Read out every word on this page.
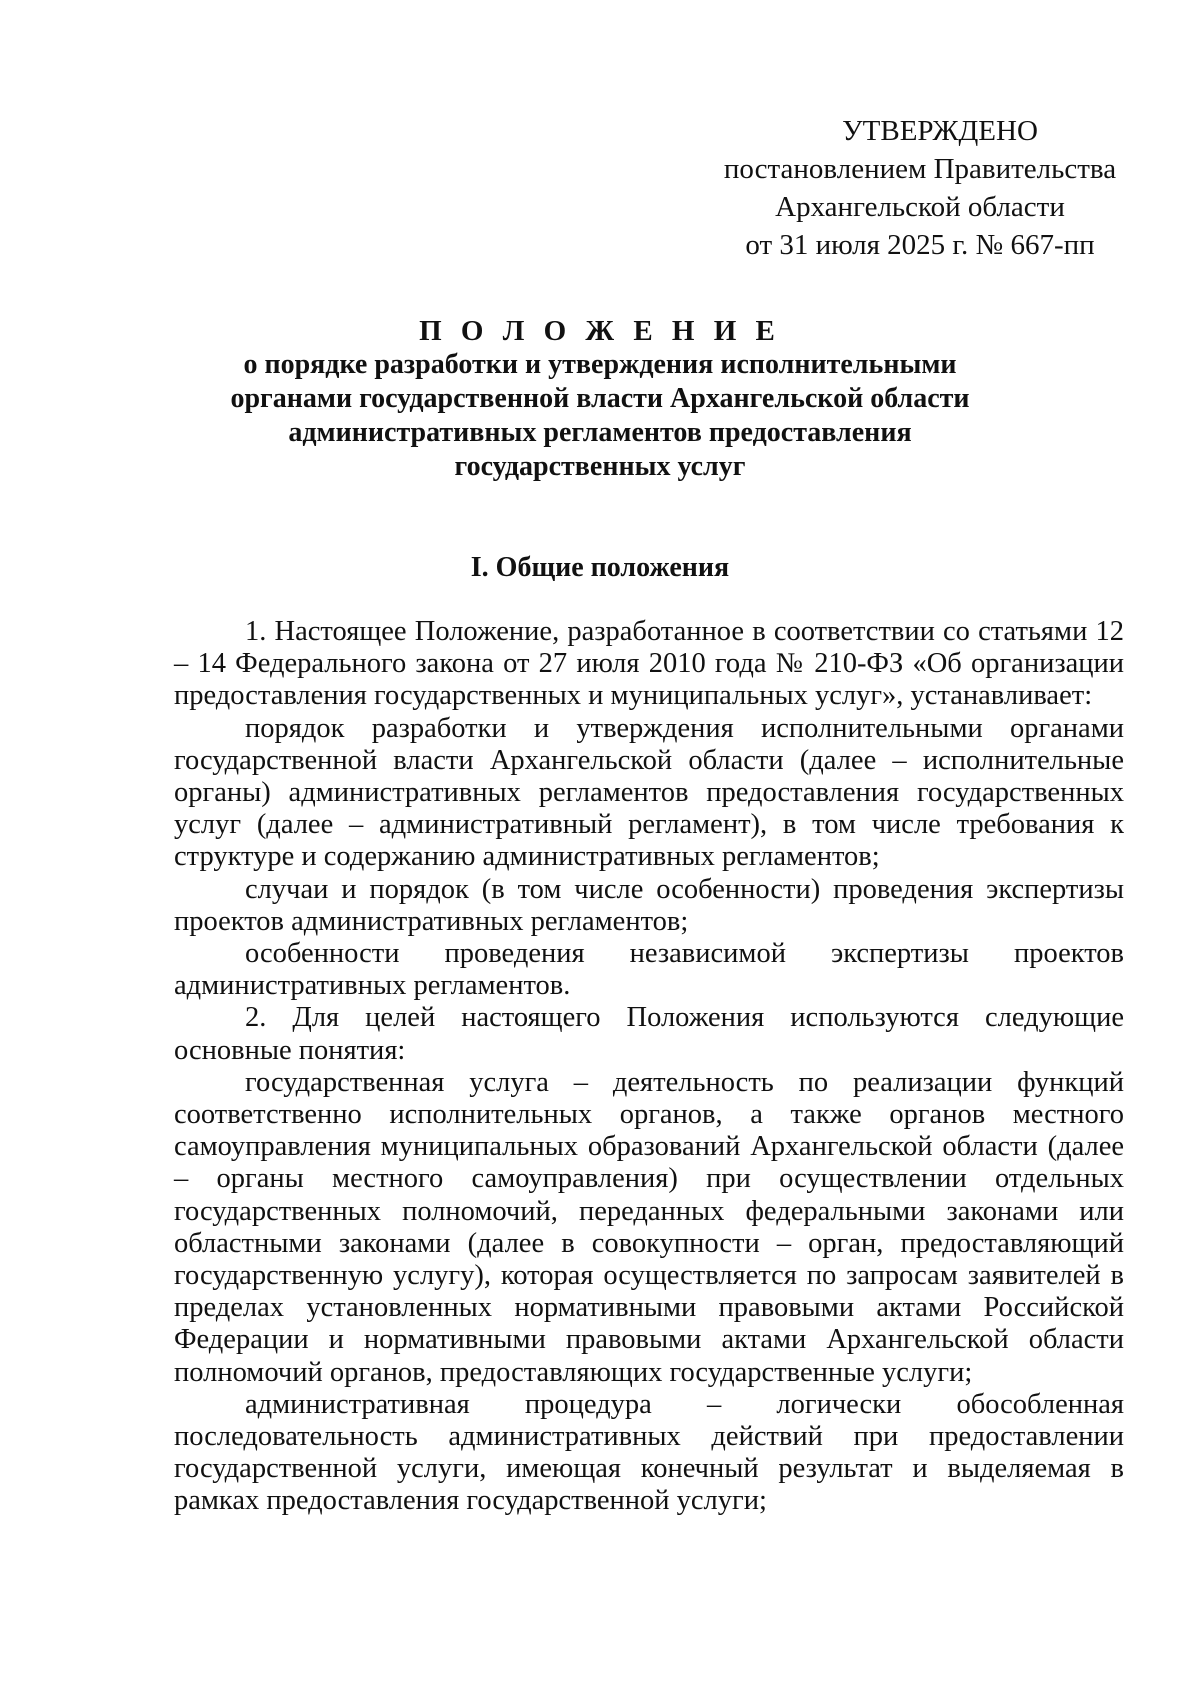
УТВЕРЖДЕНО
постановлением Правительства
Архангельской области
от 31 июля 2025 г. № 667-пп
П О Л О Ж Е Н И Е
о порядке разработки и утверждения исполнительными
органами государственной власти Архангельской области
административных регламентов предоставления
государственных услуг
I. Общие положения

1. Настоящее Положение, разработанное в соответствии со статьями 12 – 14 Федерального закона от 27 июля 2010 года № 210-ФЗ «Об организации предоставления государственных и муниципальных услуг», устанавливает:

порядок разработки и утверждения исполнительными органами государственной власти Архангельской области (далее – исполнительные органы) административных регламентов предоставления государственных услуг (далее – административный регламент), в том числе требования к структуре и содержанию административных регламентов;

случаи и порядок (в том числе особенности) проведения экспертизы проектов административных регламентов;

особенности проведения независимой экспертизы проектов административных регламентов.

2. Для целей настоящего Положения используются следующие основные понятия:

государственная услуга – деятельность по реализации функций соответственно исполнительных органов, а также органов местного самоуправления муниципальных образований Архангельской области (далее – органы местного самоуправления) при осуществлении отдельных государственных полномочий, переданных федеральными законами или областными законами (далее в совокупности – орган, предоставляющий государственную услугу), которая осуществляется по запросам заявителей в пределах установленных нормативными правовыми актами Российской Федерации и нормативными правовыми актами Архангельской области полномочий органов, предоставляющих государственные услуги;

административная процедура – логически обособленная последовательность административных действий при предоставлении государственной услуги, имеющая конечный результат и выделяемая в рамках предоставления государственной услуги;
